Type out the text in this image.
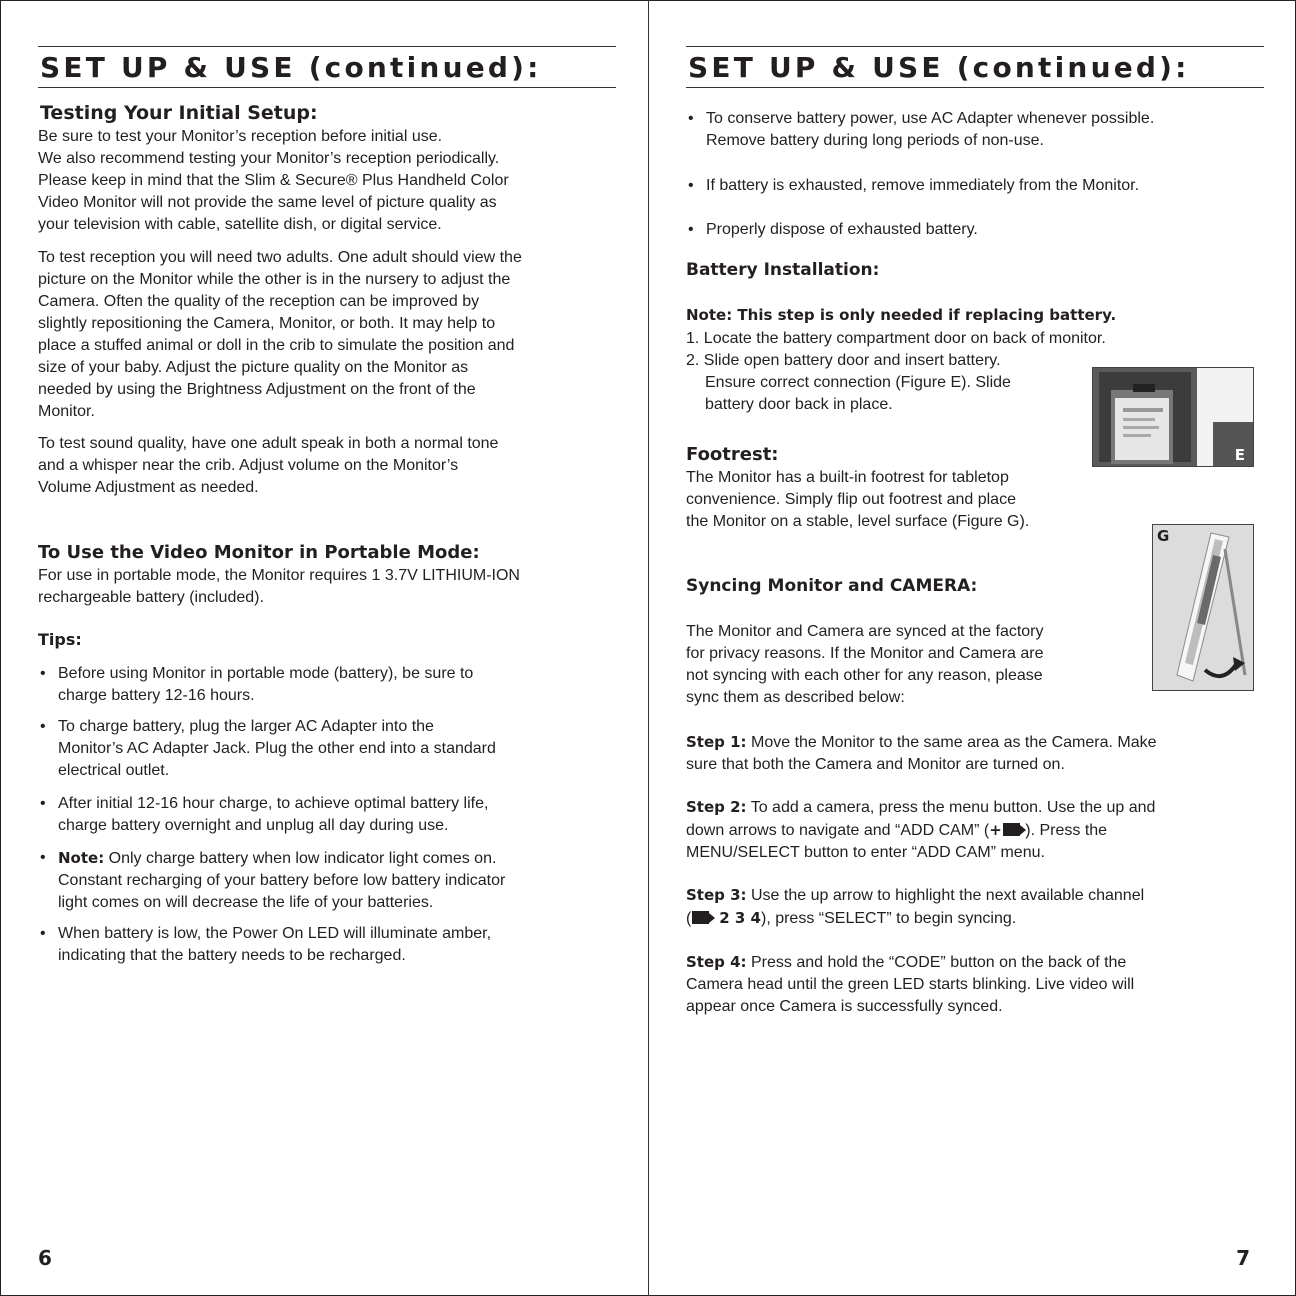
SET UP & USE (continued):
Testing Your Initial Setup:
Be sure to test your Monitor’s reception before initial use.
We also recommend testing your Monitor’s reception periodically.
Please keep in mind that the Slim & Secure® Plus Handheld Color
Video Monitor will not provide the same level of picture quality as
your television with cable, satellite dish, or digital service.
To test reception you will need two adults. One adult should view the
picture on the Monitor while the other is in the nursery to adjust the
Camera. Often the quality of the reception can be improved by
slightly repositioning the Camera, Monitor, or both. It may help to
place a stuffed animal or doll in the crib to simulate the position and
size of your baby. Adjust the picture quality on the Monitor as
needed by using the Brightness Adjustment on the front of the
Monitor.
To test sound quality, have one adult speak in both a normal tone
and a whisper near the crib. Adjust volume on the Monitor’s
Volume Adjustment as needed.
To Use the Video Monitor in Portable Mode:
For use in portable mode, the Monitor requires 1 3.7V LITHIUM-ION
rechargeable battery (included).
Tips:
• Before using Monitor in portable mode (battery), be sure to
charge battery 12-16 hours.
• To charge battery, plug the larger AC Adapter into the
Monitor’s AC Adapter Jack. Plug the other end into a standard
electrical outlet.
• After initial 12-16 hour charge, to achieve optimal battery life,
charge battery overnight and unplug all day during use.
• Note: Only charge battery when low indicator light comes on.
Constant recharging of your battery before low battery indicator
light comes on will decrease the life of your batteries.
• When battery is low, the Power On LED will illuminate amber,
indicating that the battery needs to be recharged.
6
SET UP & USE (continued):
• To conserve battery power, use AC Adapter whenever possible.
Remove battery during long periods of non-use.
• If battery is exhausted, remove immediately from the Monitor.
• Properly dispose of exhausted battery.
Battery Installation:
Note: This step is only needed if replacing battery.
1. Locate the battery compartment door on back of monitor.
2. Slide open battery door and insert battery.
Ensure correct connection (Figure E). Slide
battery door back in place.
E
Footrest:
The Monitor has a built-in footrest for tabletop
convenience. Simply flip out footrest and place
the Monitor on a stable, level surface (Figure G).
G
Syncing Monitor and CAMERA:
The Monitor and Camera are synced at the factory
for privacy reasons. If the Monitor and Camera are
not syncing with each other for any reason, please
sync them as described below:
Step 1: Move the Monitor to the same area as the Camera. Make
sure that both the Camera and Monitor are turned on.
Step 2: To add a camera, press the menu button. Use the up and
down arrows to navigate and “ADD CAM” (+ ). Press the
MENU/SELECT button to enter “ADD CAM” menu.
Step 3: Use the up arrow to highlight the next available channel
( 2 3 4), press “SELECT” to begin syncing.
Step 4: Press and hold the “CODE” button on the back of the
Camera head until the green LED starts blinking. Live video will
appear once Camera is successfully synced.
7
